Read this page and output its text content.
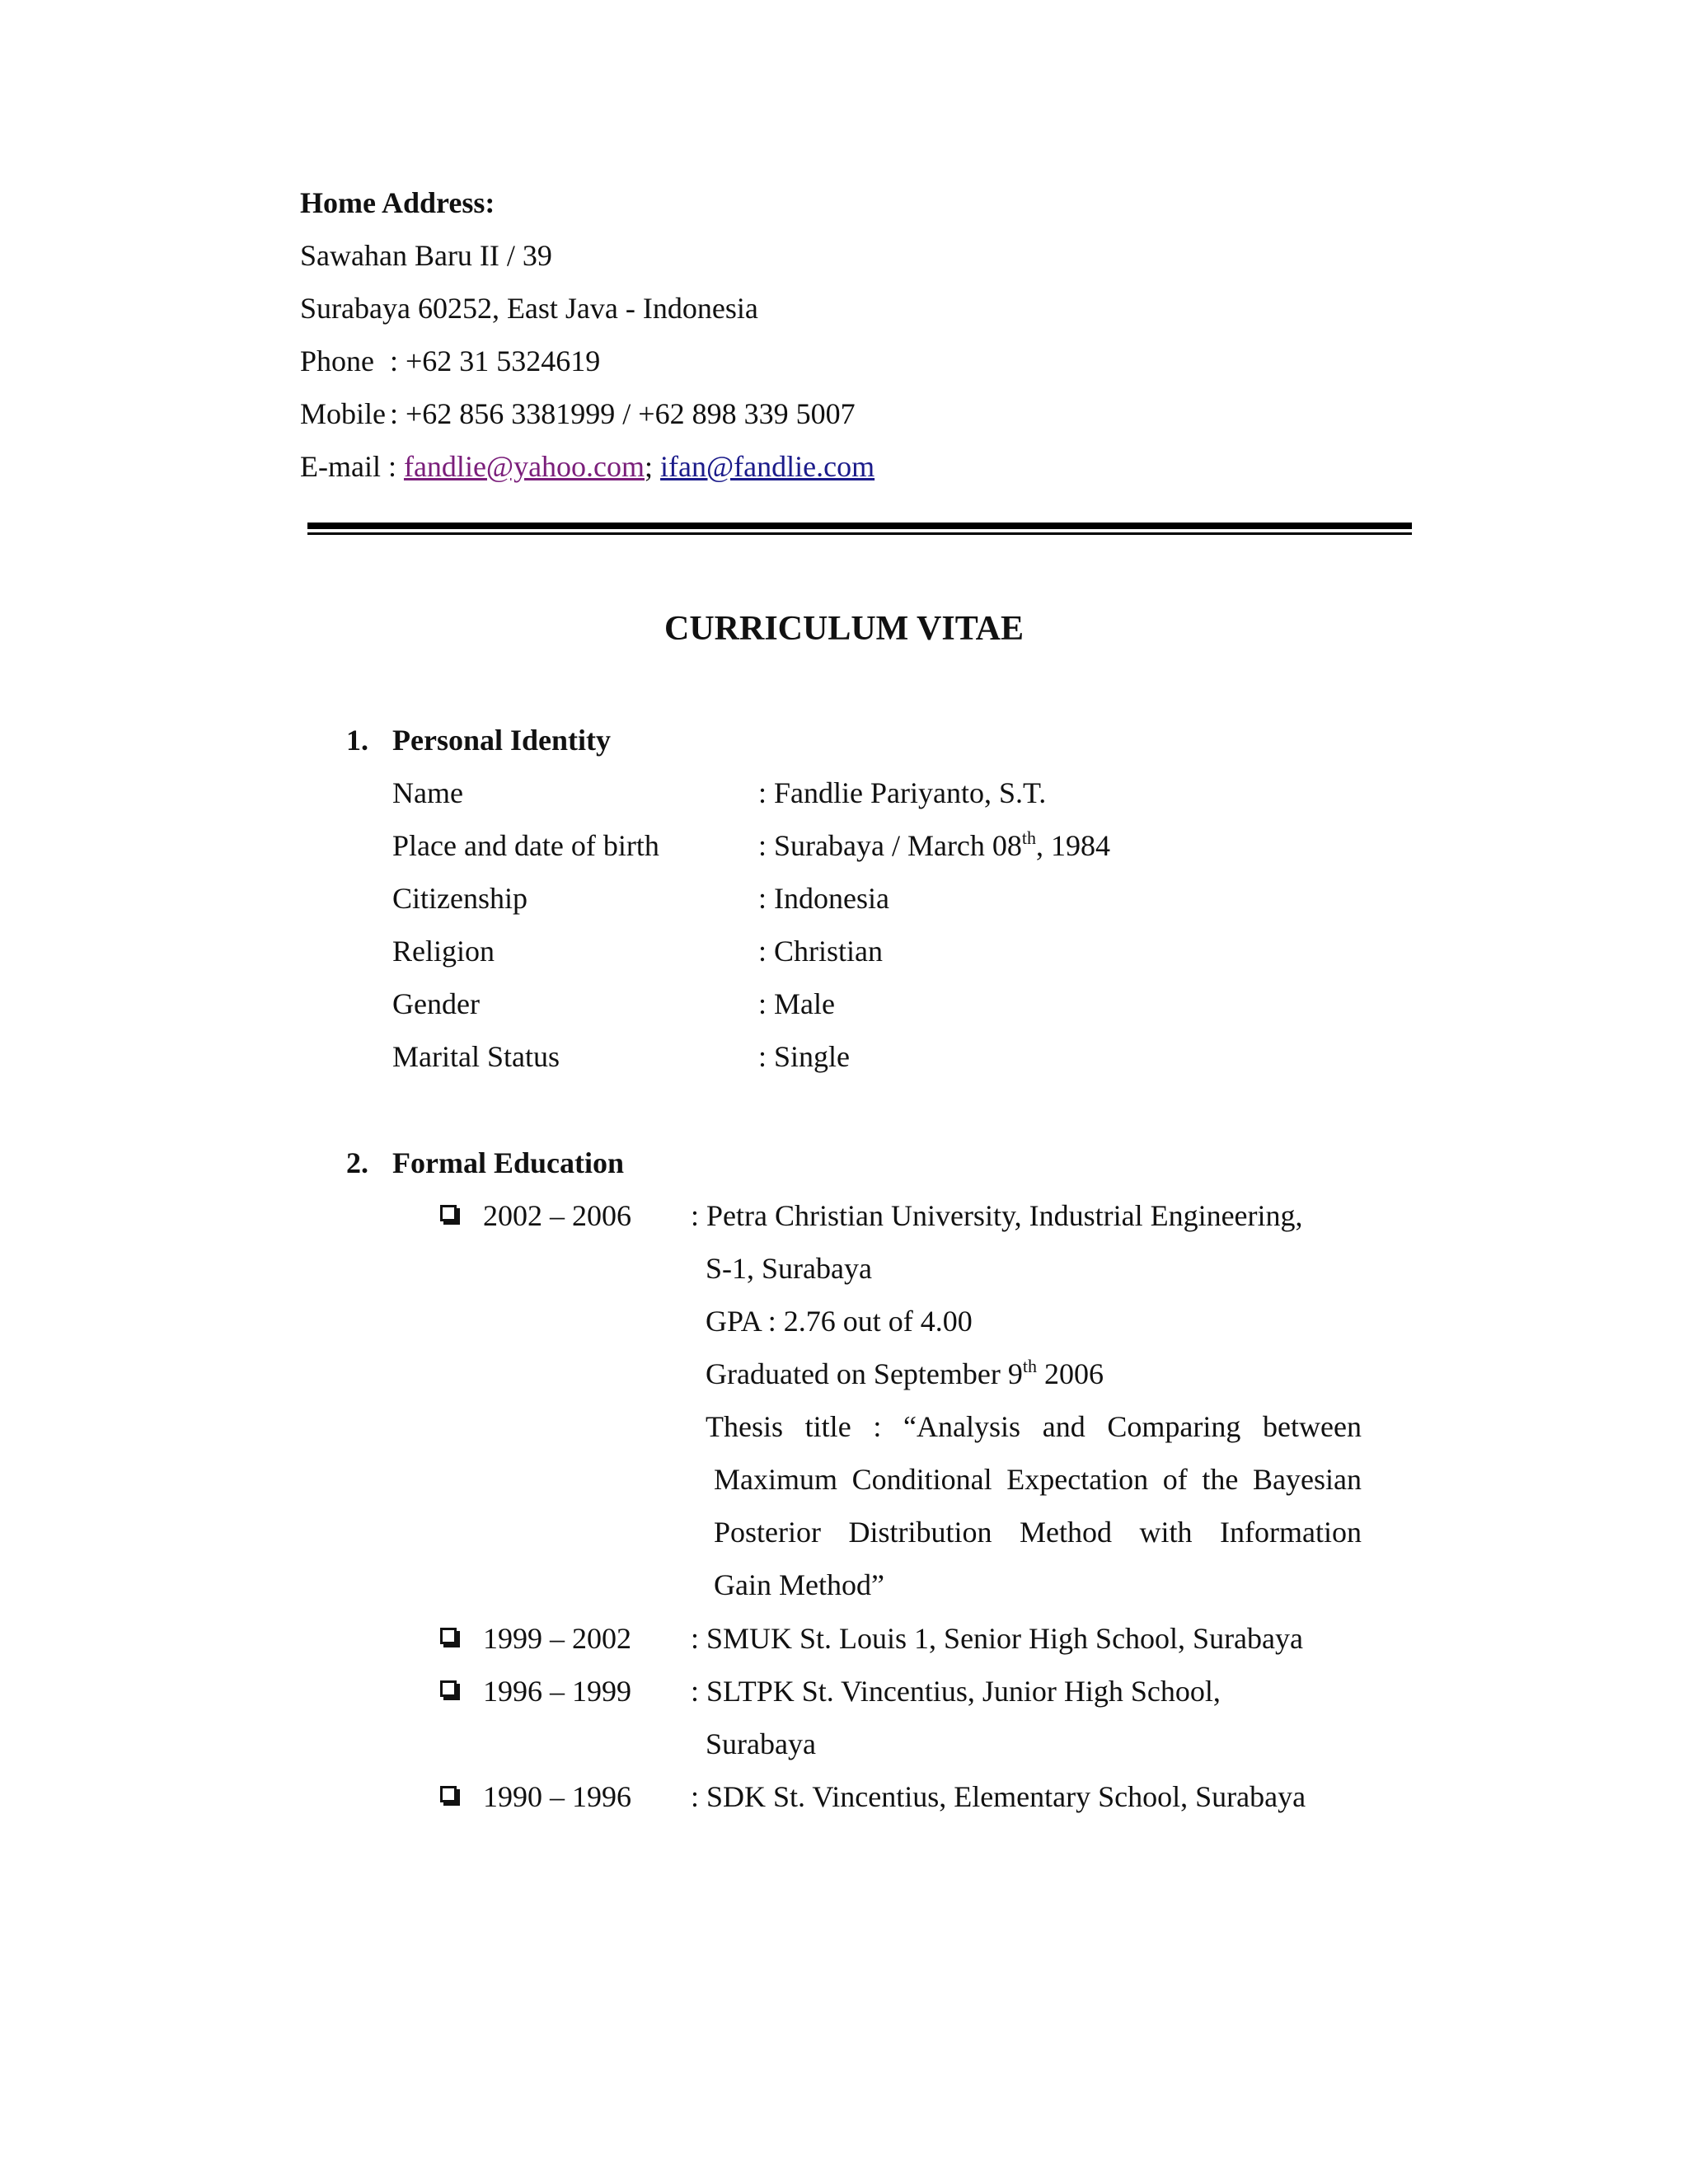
Home Address:
Sawahan Baru II / 39
Surabaya 60252, East Java - Indonesia
Phone : +62 31 5324619
Mobile : +62 856 3381999 / +62 898 339 5007
E-mail : fandlie@yahoo.com; ifan@fandlie.com
CURRICULUM VITAE
1. Personal Identity
Name	: Fandlie Pariyanto, S.T.
Place and date of birth	: Surabaya / March 08th, 1984
Citizenship	: Indonesia
Religion	: Christian
Gender	: Male
Marital Status	: Single
2. Formal Education
2002 – 2006 : Petra Christian University, Industrial Engineering,
S-1, Surabaya
GPA : 2.76 out of 4.00
Graduated on September 9th 2006
Thesis title : “Analysis and Comparing between
Maximum Conditional Expectation of the Bayesian
Posterior Distribution Method with Information
Gain Method”
1999 – 2002 : SMUK St. Louis 1, Senior High School, Surabaya
1996 – 1999 : SLTPK St. Vincentius, Junior High School,
Surabaya
1990 – 1996 : SDK St. Vincentius, Elementary School, Surabaya
